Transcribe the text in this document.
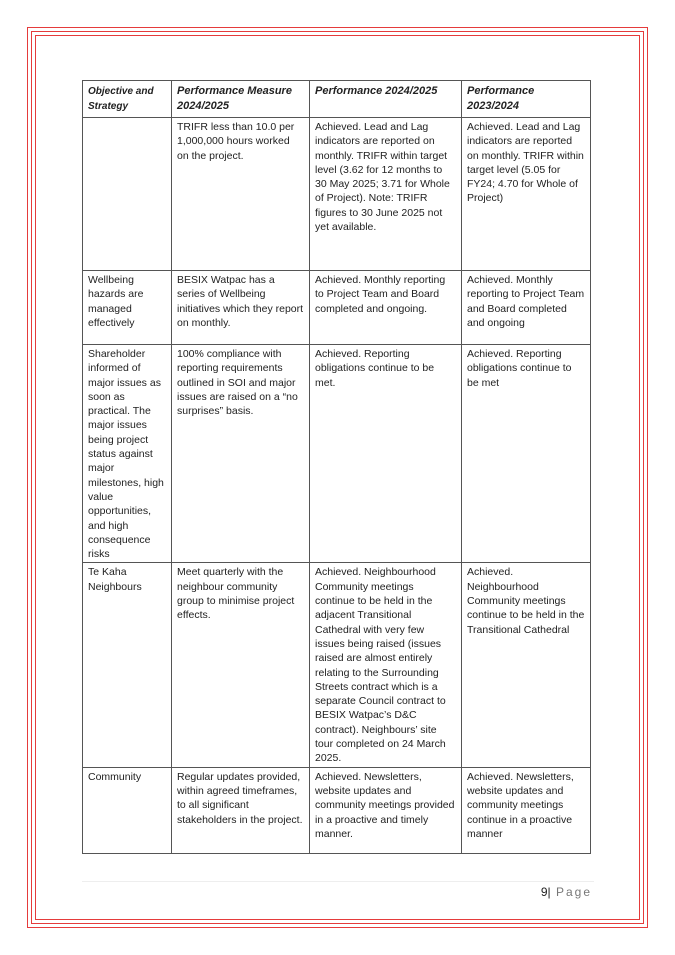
Objective and Strategy	Performance Measure 2024/2025	Performance 2024/2025	Performance 2023/2024
	TRIFR less than 10.0 per 1,000,000 hours worked on the project.	Achieved. Lead and Lag indicators are reported on monthly. TRIFR within target level (3.62 for 12 months to 30 May 2025; 3.71 for Whole of Project). Note: TRIFR figures to 30 June 2025 not yet available.	Achieved. Lead and Lag indicators are reported on monthly. TRIFR within target level (5.05 for FY24; 4.70 for Whole of Project)
Wellbeing hazards are managed effectively	BESIX Watpac has a series of Wellbeing initiatives which they report on monthly.	Achieved. Monthly reporting to Project Team and Board completed and ongoing.	Achieved. Monthly reporting to Project Team and Board completed and ongoing
Shareholder informed of major issues as soon as practical. The major issues being project status against major milestones, high value opportunities, and high consequence risks	100% compliance with reporting requirements outlined in SOI and major issues are raised on a “no surprises” basis.	Achieved. Reporting obligations continue to be met.	Achieved. Reporting obligations continue to be met
Te Kaha Neighbours	Meet quarterly with the neighbour community group to minimise project effects.	Achieved. Neighbourhood Community meetings continue to be held in the adjacent Transitional Cathedral with very few issues being raised (issues raised are almost entirely relating to the Surrounding Streets contract which is a separate Council contract to BESIX Watpac’s D&C contract). Neighbours’ site tour completed on 24 March 2025.	Achieved. Neighbourhood Community meetings continue to be held in the Transitional Cathedral
Community	Regular updates provided, within agreed timeframes, to all significant stakeholders in the project.	Achieved. Newsletters, website updates and community meetings provided in a proactive and timely manner.	Achieved. Newsletters, website updates and community meetings continue in a proactive manner
9| Page
